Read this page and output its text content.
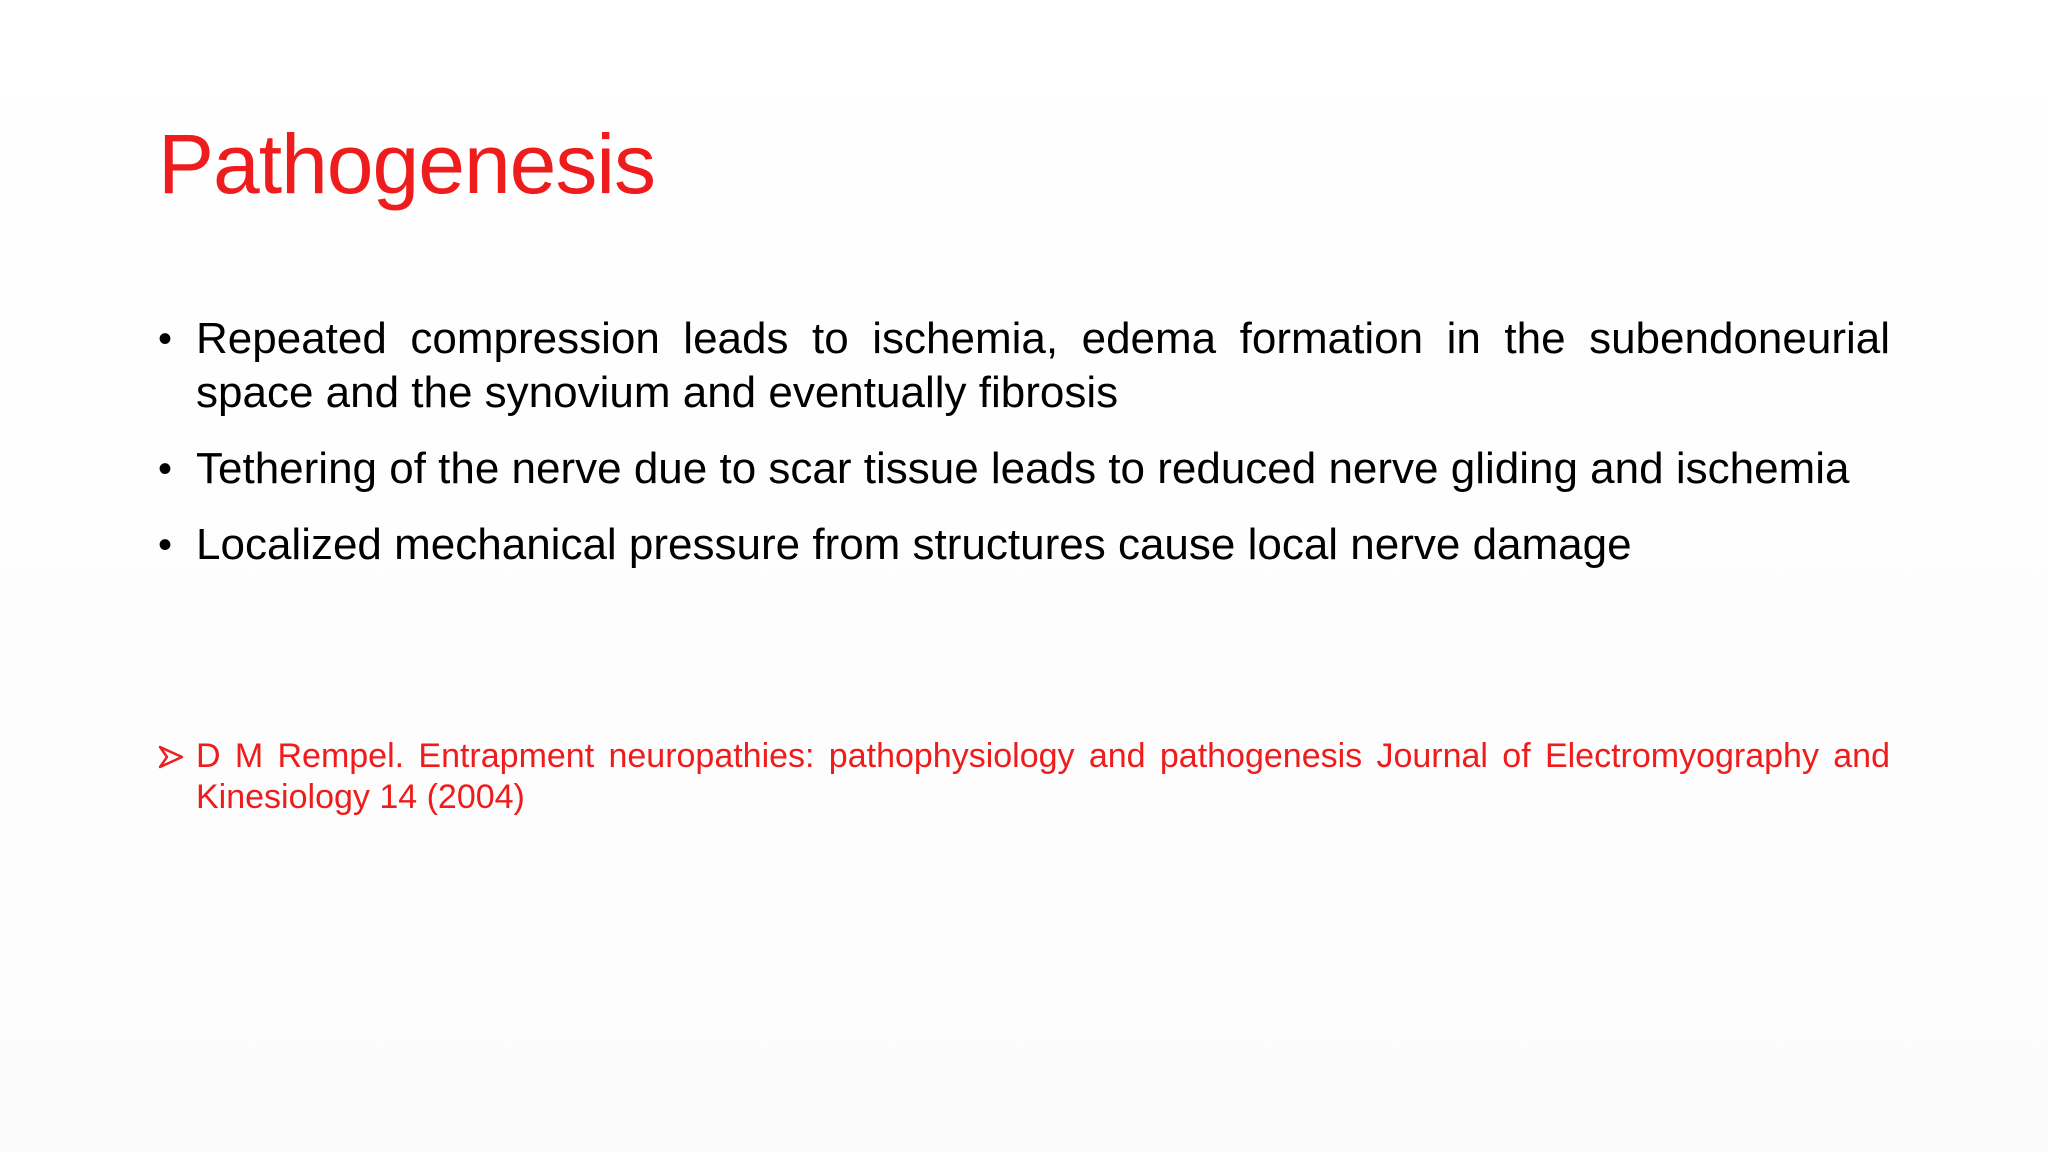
Pathogenesis
• Repeated compression leads to ischemia, edema formation in the subendoneurial space and the synovium and eventually fibrosis
• Tethering of the nerve due to scar tissue leads to reduced nerve gliding and ischemia
• Localized mechanical pressure from structures cause local nerve damage
D M Rempel. Entrapment neuropathies: pathophysiology and pathogenesis Journal of Electromyography and Kinesiology 14 (2004)
